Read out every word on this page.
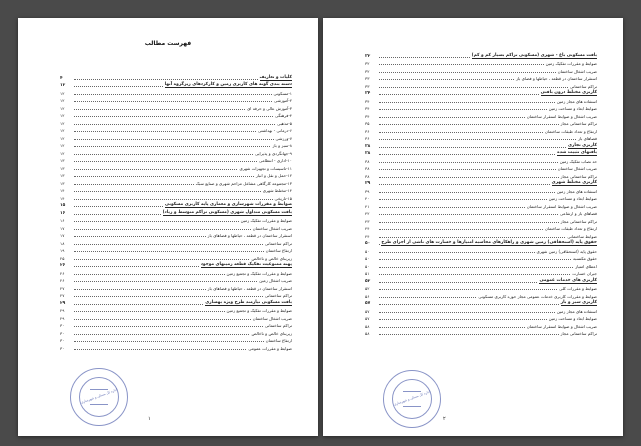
فهرست مطالب
۴	کلیات و تعاریف
۱۲	دسته بندی گونه های کاربری زمین و کارکردهای زیرگروه آنها
۱۲	۱-مسکونی
۱۲	۲-آموزشی
۱۲	۳-آموزش عالی و حرفه ای
۱۲	۴-فرهنگی
۱۲	۵-مذهبی
۱۲	۶-درمانی - بهداشتی
۱۲	۷-ورزشی
۱۲	۸-سبز و باز
۱۲	۹-جهانگردی و پذیرایی
۱۳	۱۰-اداری - انتظامی
۱۳	۱۱-تاسیسات و تجهیزات شهری
۱۳	۱۲-حمل و نقل و انبار
۱۳	۱۳-مجموعه کارگاهی مشاغل مزاحم شهری و صنایع سبک
۱۴	۱۴-مختلط شهری
۱۴	۱۵-تاریخی
۱۵	ضوابط و مقررات شهرسازی و معماری پایه کاربری مسکونی
۱۶	بافت مسکونی متداول شهری (مسکونی تراکم متوسط و زیاد)
۱۶	ضوابط و مقررات تفکیک زمین
۱۷	ضریب اشغال ساختمان
۱۷	استقرار ساختمان در قطعه ، حیاطها و فضاهای باز
۱۸	تراکم ساختمانی
۱۹	ارتفاع ساختمان
۲۵	زیربنای خالص و ناخالص
۲۶	پهنه ممنوعیت تفکیک قطعه زمینهای موجود
۲۶	ضوابط و مقررات تفکیک و تجمیع زمین
۲۶	ضریب اشغال زمین
۲۷	استقرار ساختمان در قطعه ، حیاطها و فضاهای باز
۲۷	تراکم ساختمانی
۲۹	بافت مسکونی نیازمند طرح ویژه بهسازی
۲۹	ضوابط و مقررات تفکیک و تجمیع زمین
۲۹	ضریب اشغال ساختمان
۳۰	تراکم ساختمانی
۳۰	زیربنای خالص و ناخالص
۳۰	ارتفاع ساختمان
۳۰	ضوابط و مقررات عمومی
اداره کل مسکن و شهرسازی
۱
۳۲	بافت مسکونی باغ - شهری (مسکونی تراکم بسیار کم و کم)
۳۲	ضوابط و مقررات تفکیک زمین
۳۲	ضریب اشغال ساختمان
۳۳	استقرار ساختمان در قطعه ، حیاطها و فضای باز
۳۳	تراکم ساختمانی
۳۴	کاربری مختلط درون بافتی
۳۴	استفاده های مجاز زمین
۳۴	ضوابط ابعاد و مساحت زمین
۳۴	ضریب اشغال و ضوابط استقرار ساختمان
۳۵	تراکم ساختمانی مجاز
۳۶	ارتفاع و تعداد طبقات ساختمان
۳۶	فضاهای باز
۳۸	کاربری تجاری
۳۸	بافتهای تثبیت شده
۳۸	حد نصاب تفکیک زمین
۳۸	ضریب اشغال ساختمان
۳۸	تراکم ساختمانی مجاز
۳۹	کاربری مختلط شهری
۳۹	استفاده های مجاز زمین
۴۰	ضوابط ابعاد و مساحت زمین
۴۱	ضریب اشغال و ضوابط استقرار ساختمان
۴۲	فضاهای باز و ارتفاعی
۴۳	تراکم ساختمانی مجاز
۴۴	ارتفاع و تعداد طبقات ساختمان
۴۴	ضوابط ساختمانی
۵۰	حقوق پایه (استحقاقی) زمین شهری و راهکارهای محاسبه امتیازها و خسارت های ناشی از اجرای طرح
۵۰	حقوق پایه (استحقاقی) زمین شهری
۵۰	حقوق مکتسبه
۵۰	اعطای امتیاز
۵۱	جبران خسارت
۵۲	کاربری های خدمات عمومی
۵۲	ضوابط و مقررات کلی
۵۶	ضوابط و مقررات کاربری خدمات عمومی مجاز حوزه کاربری مسکونی
۵۷	کاربری سبز و باز
۵۷	استفاده های مجاز زمین
۵۷	ضوابط ابعاد و مساحت زمین
۵۸	ضریب اشغال و ضوابط استقرار ساختمان
۵۸	تراکم ساختمانی مجاز
اداره کل مسکن و شهرسازی
۲
